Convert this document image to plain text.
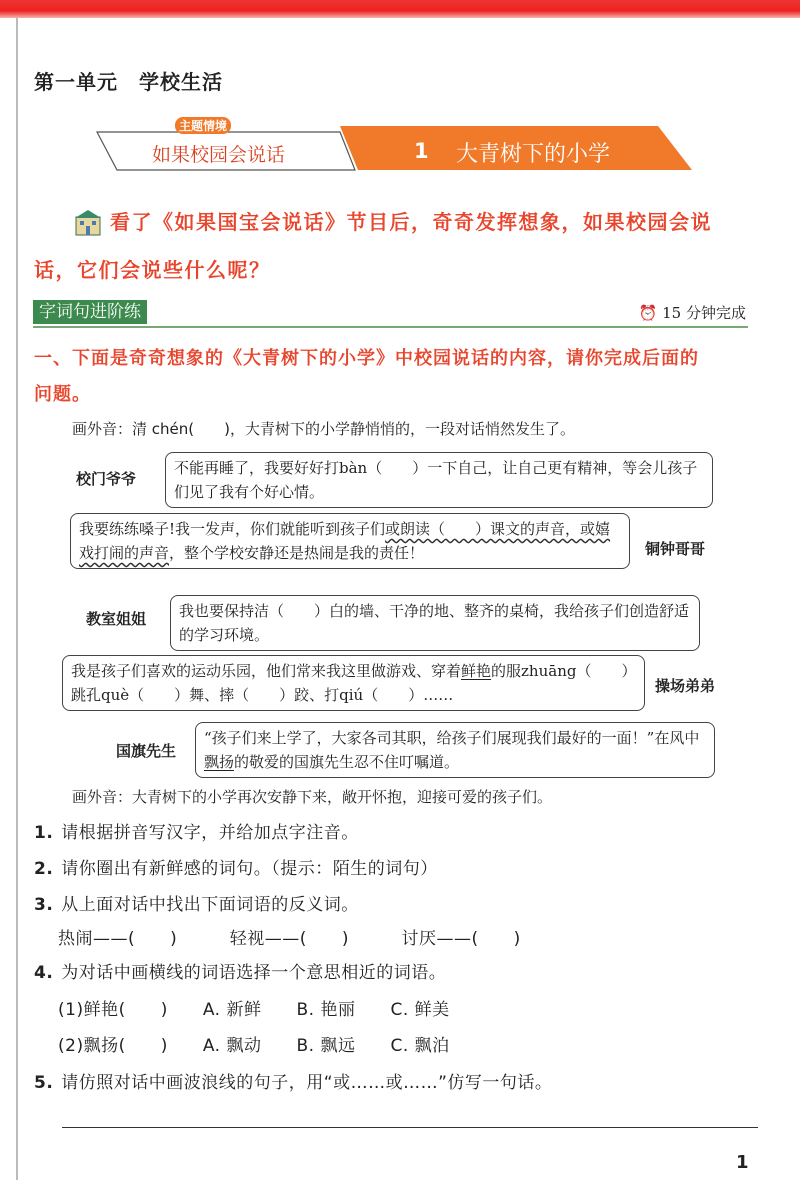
第一单元　学校生活
主题情境
如果校园会说话	1 大青树下的小学
看了《如果国宝会说话》节目后，奇奇发挥想象，如果校园会说
话，它们会说些什么呢？
字词句进阶练	⏰ 15 分钟完成
一、下面是奇奇想象的《大青树下的小学》中校园说话的内容，请你完成后面的
问题。
画外音：清 chén(　　)，大青树下的小学静悄悄的，一段对话悄然发生了。
校门爷爷
不能再睡了，我要好好打bàn（　　）一下自己，让自己更有精神，等会儿孩子们见了我有个好心情。
我要练练嗓子!我一发声，你们就能听到孩子们或朗读（　　）课文的声音，或嬉戏打闹的声音，整个学校安静还是热闹是我的责任！	铜钟哥哥
教室姐姐	我也要保持洁（　　）白的墙、干净的地、整齐的桌椅，我给孩子们创造舒适的学习环境。
我是孩子们喜欢的运动乐园，他们常来我这里做游戏、穿着鲜艳的服zhuāng（　　）跳孔què（　　）舞、摔（　　）跤、打qiú（　　）……	操场弟弟
国旗先生
“孩子们来上学了，大家各司其职，给孩子们展现我们最好的一面！”在风中飘扬的敬爱的国旗先生忍不住叮嘱道。
画外音：大青树下的小学再次安静下来，敞开怀抱，迎接可爱的孩子们。
1. 请根据拼音写汉字，并给加点字注音。
2. 请你圈出有新鲜感的词句。（提示：陌生的词句）
3. 从上面对话中找出下面词语的反义词。
热闹——(　　)　　　轻视——(　　)　　　讨厌——(　　)
4. 为对话中画横线的词语选择一个意思相近的词语。
(1)鲜艳(　　)　　A. 新鲜　　B. 艳丽　　C. 鲜美
(2)飘扬(　　)　　A. 飘动　　B. 飘远　　C. 飘泊
5. 请仿照对话中画波浪线的句子，用“或……或……”仿写一句话。
1
